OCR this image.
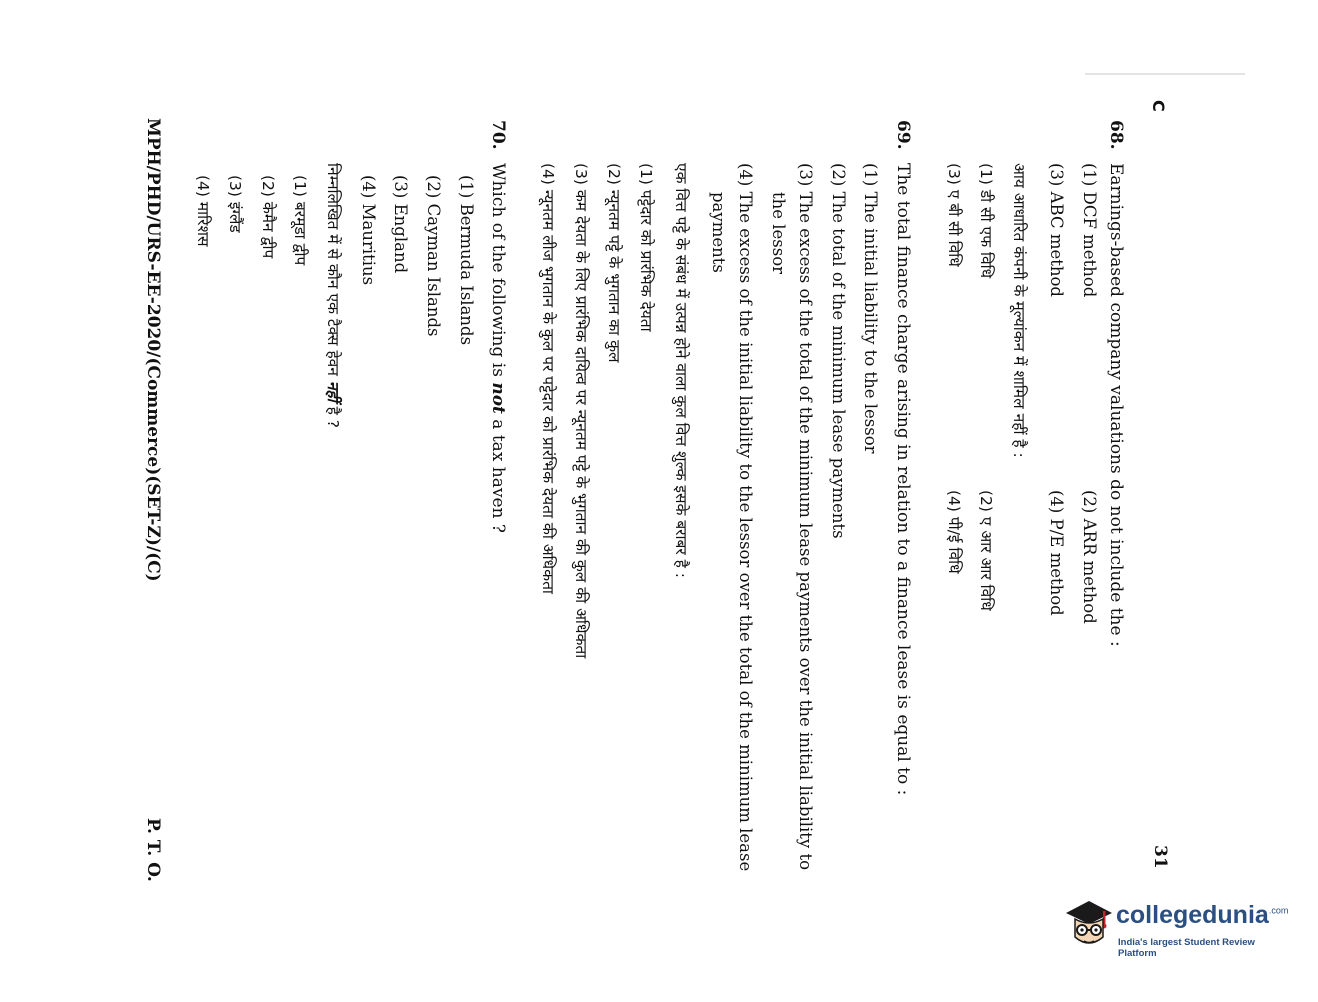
C
31
68.
Earnings-based company valuations do not include the :
(1) DCF method
(2) ARR method
(3) ABC method
(4) P/E method
आय आधारित कंपनी के मूल्यांकन में शामिल नहीं है :
(1) डी सी एफ विधि
(2) ए आर आर विधि
(3) ए बी सी विधि
(4) पी/ई विधि
69.
The total finance charge arising in relation to a finance lease is equal to :
(1) The initial liability to the lessor
(2) The total of the minimum lease payments
(3) The excess of the total of the minimum lease payments over the initial liability to
the lessor
(4) The excess of the initial liability to the lessor over the total of the minimum lease
payments
एक वित्त पट्टे के संबंध में उत्पन्न होने वाला कुल वित्त शुल्क इसके बराबर है :
(1) पट्टेदार को प्रारंभिक देयता
(2) न्यूनतम पट्टे के भुगतान का कुल
(3) कम देयता के लिए प्रारंभिक दायित्व पर न्यूनतम पट्टे के भुगतान की कुल की अधिकता
(4) न्यूनतम लीज भुगतान के कुल पर पट्टेदार को प्रारंभिक देयता की अधिकता
70.
Which of the following is not a tax haven ?
(1) Bermuda Islands
(2) Cayman Islands
(3) England
(4) Mauritius
निम्नलिखित में से कौन एक टैक्स हेवन नहीं है ?
(1) बरमूडा द्वीप
(2) केमैन द्वीप
(3) इंग्लैंड
(4) मारिशस
MPH/PHD/URS-EE-2020/(Commerce)(SET-Z)/(C)
P. T. O.
collegedunia$^{.com}$
India's largest Student Review Platform
